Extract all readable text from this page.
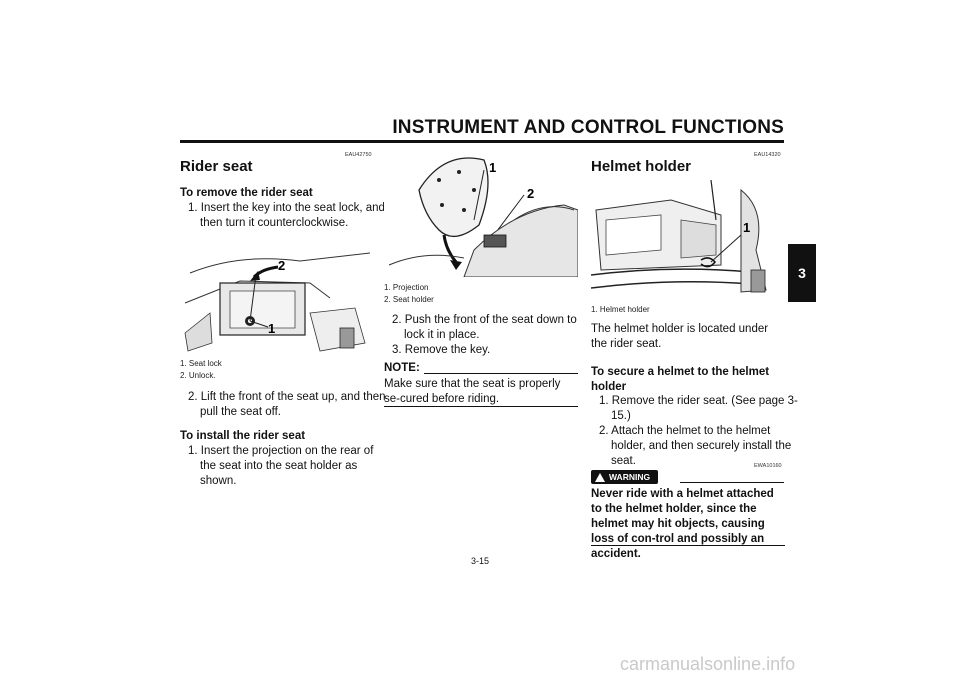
INSTRUMENT AND CONTROL FUNCTIONS
3
EAU42750
Rider seat
To remove the rider seat
1. Insert the key into the seat lock, and then turn it counterclockwise.
2
1
1. Seat lock
2. Unlock.
2. Lift the front of the seat up, and then pull the seat off.
To install the rider seat
1. Insert the projection on the rear of the seat into the seat holder as shown.
1
2
1. Projection
2. Seat holder
2. Push the front of the seat down to lock it in place.
3. Remove the key.
NOTE:
Make sure that the seat is properly se-cured before riding.
EAU14320
Helmet holder
1
1. Helmet holder
The helmet holder is located under the rider seat.
To secure a helmet to the helmet holder
1. Remove the rider seat. (See page 3-15.)
2. Attach the helmet to the helmet holder, and then securely install the seat.	EWA10160
WARNING
Never ride with a helmet attached to the helmet holder, since the helmet may hit objects, causing loss of con-trol and possibly an accident.
3-15
carmanualsonline.info
